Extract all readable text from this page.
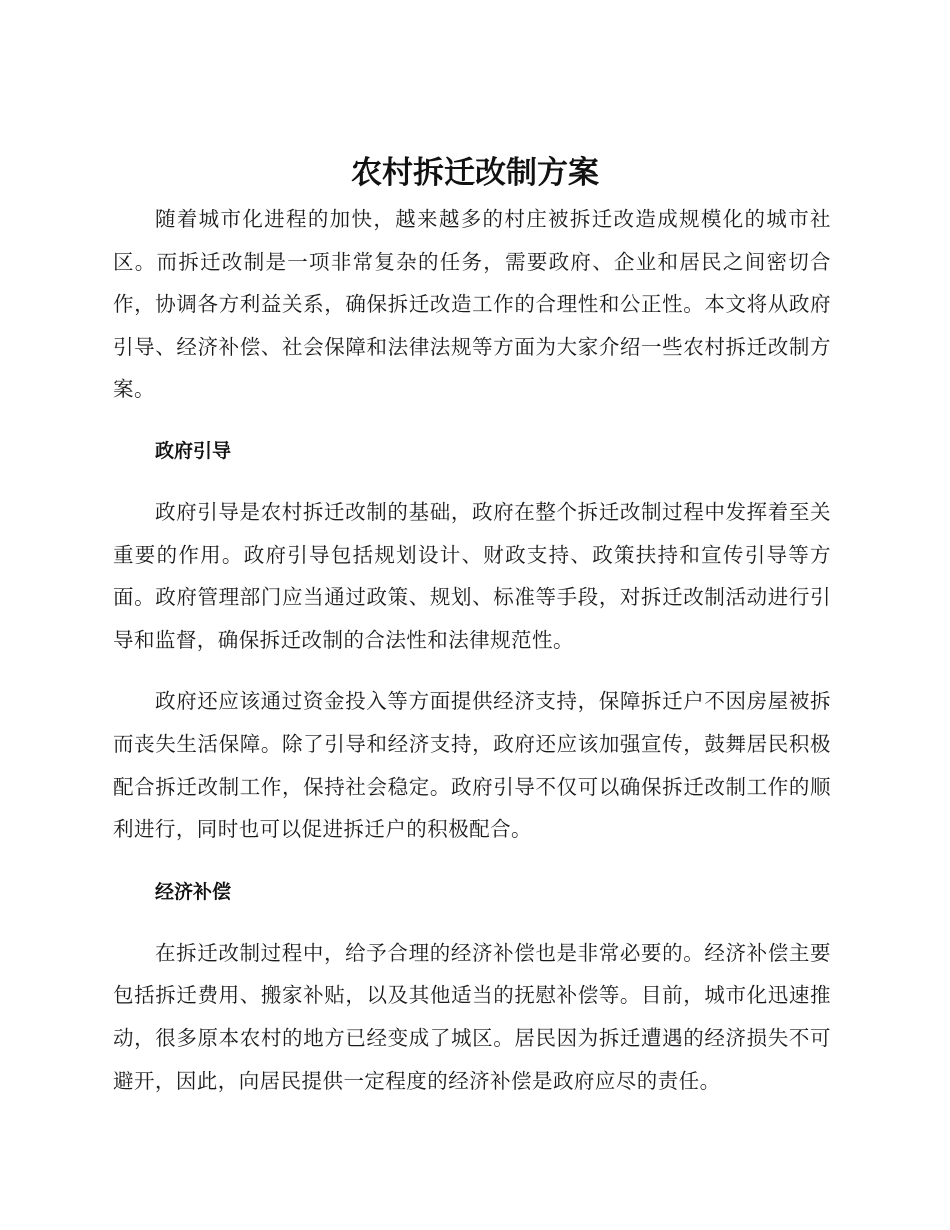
农村拆迁改制方案

随着城市化进程的加快，越来越多的村庄被拆迁改造成规模化的城市社区。而拆迁改制是一项非常复杂的任务，需要政府、企业和居民之间密切合作，协调各方利益关系，确保拆迁改造工作的合理性和公正性。本文将从政府引导、经济补偿、社会保障和法律法规等方面为大家介绍一些农村拆迁改制方案。

政府引导

政府引导是农村拆迁改制的基础，政府在整个拆迁改制过程中发挥着至关重要的作用。政府引导包括规划设计、财政支持、政策扶持和宣传引导等方面。政府管理部门应当通过政策、规划、标准等手段，对拆迁改制活动进行引导和监督，确保拆迁改制的合法性和法律规范性。

政府还应该通过资金投入等方面提供经济支持，保障拆迁户不因房屋被拆而丧失生活保障。除了引导和经济支持，政府还应该加强宣传，鼓舞居民积极配合拆迁改制工作，保持社会稳定。政府引导不仅可以确保拆迁改制工作的顺利进行，同时也可以促进拆迁户的积极配合。

经济补偿

在拆迁改制过程中，给予合理的经济补偿也是非常必要的。经济补偿主要包括拆迁费用、搬家补贴，以及其他适当的抚慰补偿等。目前，城市化迅速推动，很多原本农村的地方已经变成了城区。居民因为拆迁遭遇的经济损失不可避开，因此，向居民提供一定程度的经济补偿是政府应尽的责任。
